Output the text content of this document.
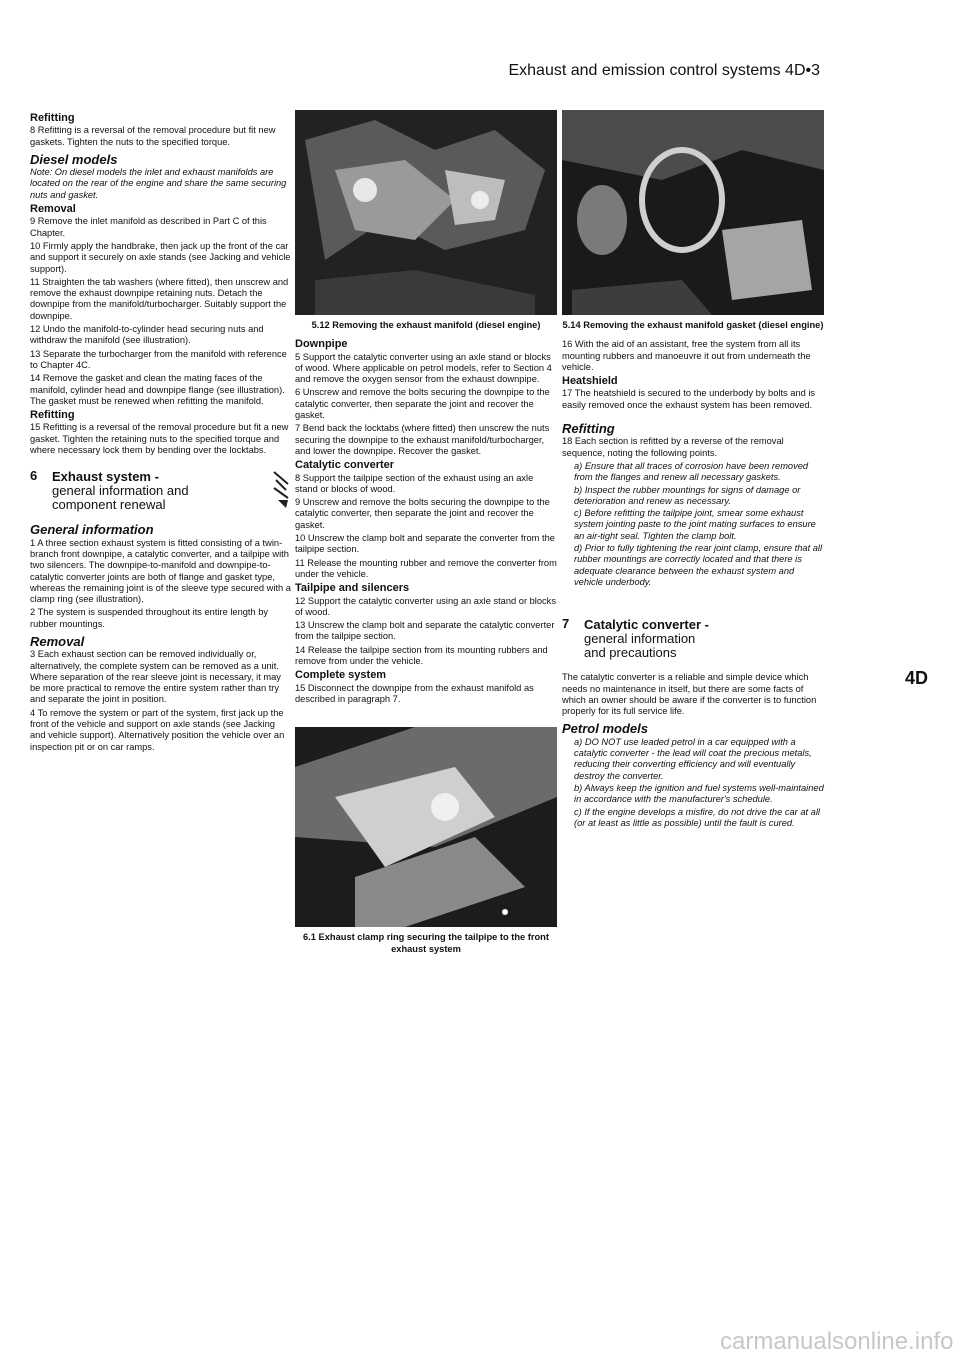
Exhaust and emission control systems 4D•3

Refitting

8 Refitting is a reversal of the removal procedure but fit new gaskets. Tighten the nuts to the specified torque.

Diesel models

Note: On diesel models the inlet and exhaust manifolds are located on the rear of the engine and share the same securing nuts and gasket.

Removal

9 Remove the inlet manifold as described in Part C of this Chapter.

10 Firmly apply the handbrake, then jack up the front of the car and support it securely on axle stands (see Jacking and vehicle support).

11 Straighten the tab washers (where fitted), then unscrew and remove the exhaust downpipe retaining nuts. Detach the downpipe from the manifold/turbocharger. Suitably support the downpipe.

12 Undo the manifold-to-cylinder head securing nuts and withdraw the manifold (see illustration).

13 Separate the turbocharger from the manifold with reference to Chapter 4C.

14 Remove the gasket and clean the mating faces of the manifold, cylinder head and downpipe flange (see illustration). The gasket must be renewed when refitting the manifold.

Refitting

15 Refitting is a reversal of the removal procedure but fit a new gasket. Tighten the retaining nuts to the specified torque and where necessary lock them by bending over the locktabs.

6	Exhaust system -
general information and
component renewal

General information

1 A three section exhaust system is fitted consisting of a twin-branch front downpipe, a catalytic converter, and a tailpipe with two silencers. The downpipe-to-manifold and downpipe-to-catalytic converter joints are both of flange and gasket type, whereas the remaining joint is of the sleeve type secured with a clamp ring (see illustration).

2 The system is suspended throughout its entire length by rubber mountings.

Removal

3 Each exhaust section can be removed individually or, alternatively, the complete system can be removed as a unit. Where separation of the rear sleeve joint is necessary, it may be more practical to remove the entire system rather than try and separate the joint in position.

4 To remove the system or part of the system, first jack up the front of the vehicle and support on axle stands (see Jacking and vehicle support). Alternatively position the vehicle over an inspection pit or on car ramps.

5.12 Removing the exhaust manifold (diesel engine)

Downpipe

5 Support the catalytic converter using an axle stand or blocks of wood. Where applicable on petrol models, refer to Section 4 and remove the oxygen sensor from the exhaust downpipe.

6 Unscrew and remove the bolts securing the downpipe to the catalytic converter, then separate the joint and recover the gasket.

7 Bend back the locktabs (where fitted) then unscrew the nuts securing the downpipe to the exhaust manifold/turbocharger, and lower the downpipe. Recover the gasket.

Catalytic converter

8 Support the tailpipe section of the exhaust using an axle stand or blocks of wood.

9 Unscrew and remove the bolts securing the downpipe to the catalytic converter, then separate the joint and recover the gasket.

10 Unscrew the clamp bolt and separate the converter from the tailpipe section.

11 Release the mounting rubber and remove the converter from under the vehicle.

Tailpipe and silencers

12 Support the catalytic converter using an axle stand or blocks of wood.

13 Unscrew the clamp bolt and separate the catalytic converter from the tailpipe section.

14 Release the tailpipe section from its mounting rubbers and remove from under the vehicle.

Complete system

15 Disconnect the downpipe from the exhaust manifold as described in paragraph 7.

6.1 Exhaust clamp ring securing the tailpipe to the front exhaust system

5.14 Removing the exhaust manifold gasket (diesel engine)

16 With the aid of an assistant, free the system from all its mounting rubbers and manoeuvre it out from underneath the vehicle.

Heatshield

17 The heatshield is secured to the underbody by bolts and is easily removed once the exhaust system has been removed.

Refitting

18 Each section is refitted by a reverse of the removal sequence, noting the following points.

a) Ensure that all traces of corrosion have been removed from the flanges and renew all necessary gaskets.

b) Inspect the rubber mountings for signs of damage or deterioration and renew as necessary.

c) Before refitting the tailpipe joint, smear some exhaust system jointing paste to the joint mating surfaces to ensure an air-tight seal. Tighten the clamp bolt.

d) Prior to fully tightening the rear joint clamp, ensure that all rubber mountings are correctly located and that there is adequate clearance between the exhaust system and vehicle underbody.

7	Catalytic converter -
general information
and precautions

The catalytic converter is a reliable and simple device which needs no maintenance in itself, but there are some facts of which an owner should be aware if the converter is to function properly for its full service life.

Petrol models

a) DO NOT use leaded petrol in a car equipped with a catalytic converter - the lead will coat the precious metals, reducing their converting efficiency and will eventually destroy the converter.

b) Always keep the ignition and fuel systems well-maintained in accordance with the manufacturer's schedule.

c) If the engine develops a misfire, do not drive the car at all (or at least as little as possible) until the fault is cured.

4D
carmanualsonline.info
